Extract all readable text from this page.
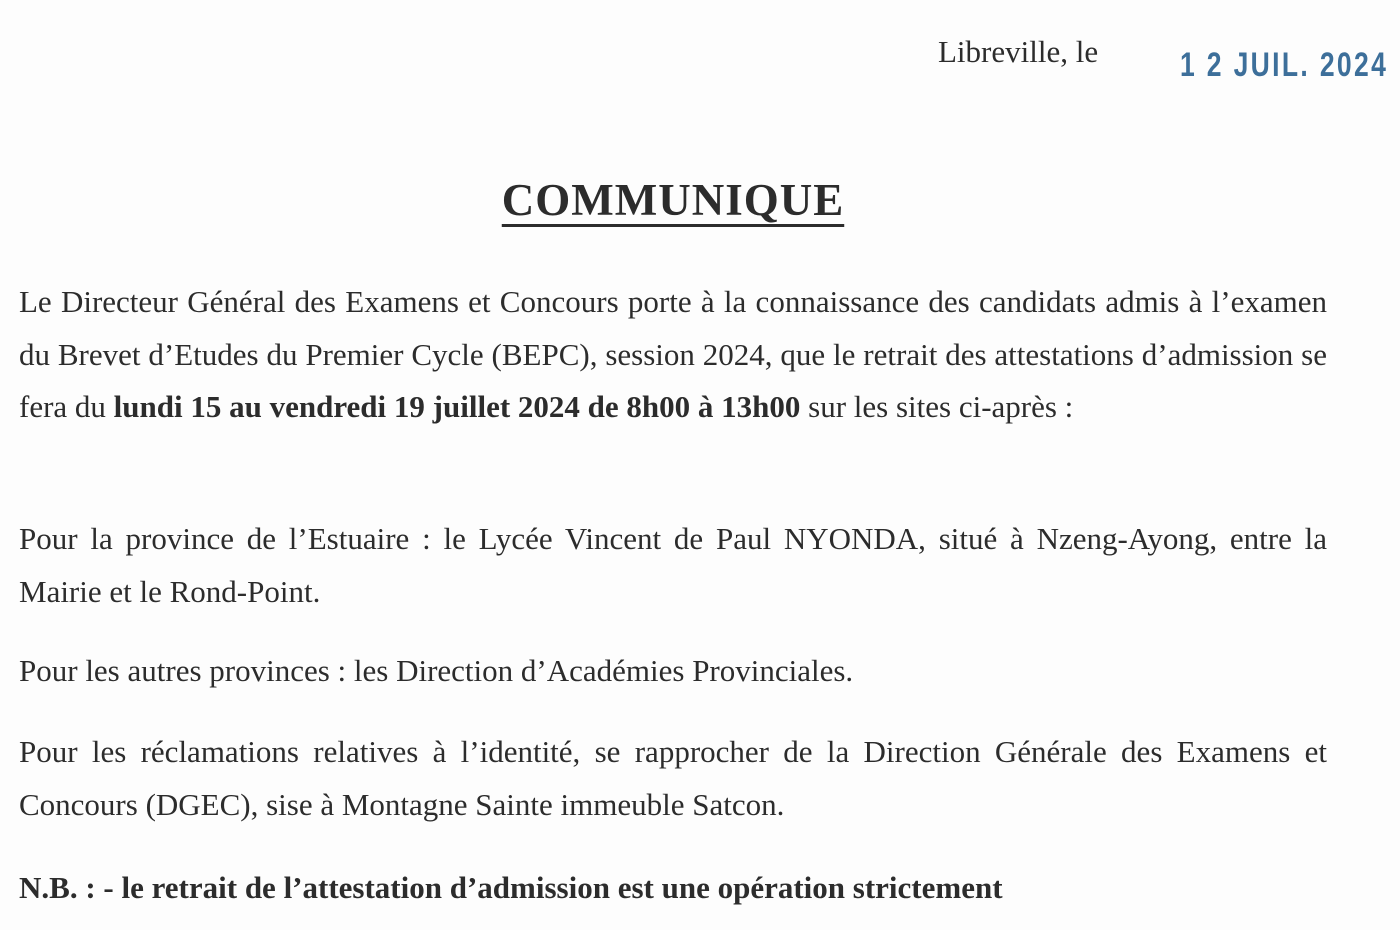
Libreville, le 1 2 JUIL. 2024
COMMUNIQUE

Le Directeur Général des Examens et Concours porte à la connaissance des candidats admis à l’examen du Brevet d’Etudes du Premier Cycle (BEPC), session 2024, que le retrait des attestations d’admission se fera du lundi 15 au vendredi 19 juillet 2024 de 8h00 à 13h00 sur les sites ci-après :

Pour la province de l’Estuaire : le Lycée Vincent de Paul NYONDA, situé à Nzeng-Ayong, entre la Mairie et le Rond-Point.

Pour les autres provinces : les Direction d’Académies Provinciales.

Pour les réclamations relatives à l’identité, se rapprocher de la Direction Générale des Examens et Concours (DGEC), sise à Montagne Sainte immeuble Satcon.

N.B. : - le retrait de l’attestation d’admission est une opération strictement
